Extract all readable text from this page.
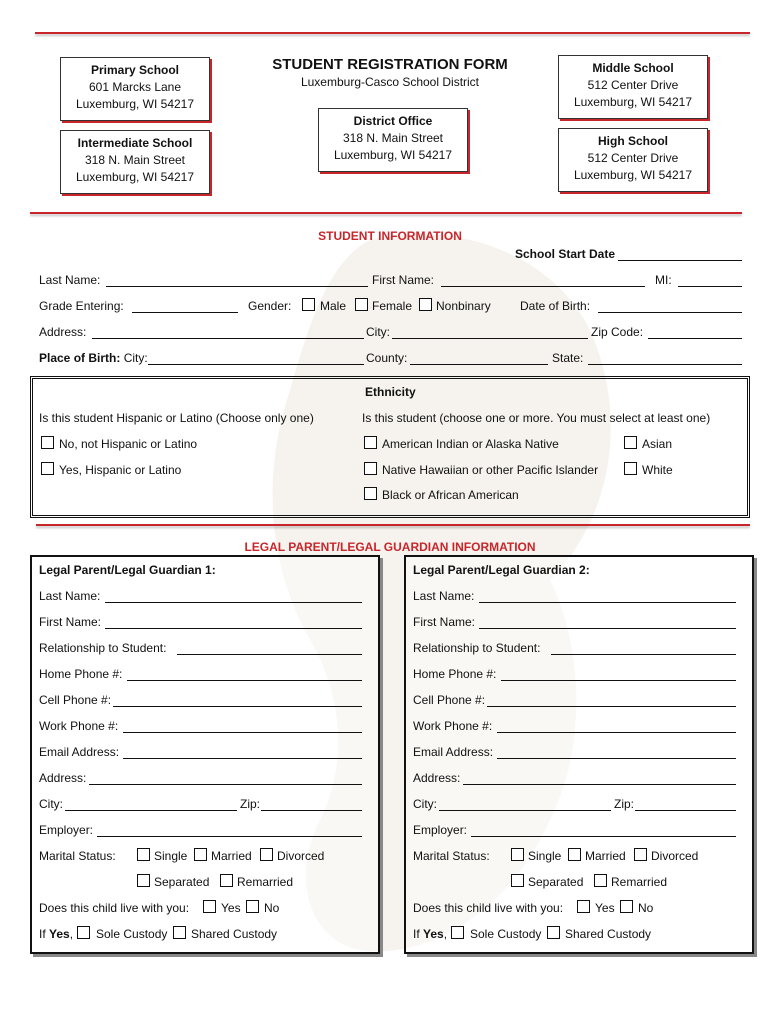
Primary School
601 Marcks Lane
Luxemburg, WI 54217
Intermediate School
318 N. Main Street
Luxemburg, WI 54217
District Office
318 N. Main Street
Luxemburg, WI 54217
Middle School
512 Center Drive
Luxemburg, WI 54217
High School
512 Center Drive
Luxemburg, WI 54217
STUDENT REGISTRATION FORM
Luxemburg-Casco School District
STUDENT INFORMATION
School Start Date
Last Name:	First Name:	MI:
Grade Entering:	Gender: Male Female Nonbinary Date of Birth:
Address:	City:	Zip Code:
Place of Birth: City:	County:	State:
Ethnicity
Is this student Hispanic or Latino (Choose only one)	Is this student (choose one or more. You must select at least one)
No, not Hispanic or Latino
Yes, Hispanic or Latino
American Indian or Alaska Native	Asian
Native Hawaiian or other Pacific Islander	White
Black or African American
LEGAL PARENT/LEGAL GUARDIAN INFORMATION
Legal Parent/Legal Guardian 1:
Last Name:
First Name:
Relationship to Student:
Home Phone #:
Cell Phone #:
Work Phone #:
Email Address:
Address:
City:	Zip:
Employer:
Marital Status:	Single Married Divorced
Separated Remarried
Does this child live with you:	Yes No
If Yes, Sole Custody Shared Custody
Legal Parent/Legal Guardian 2:
Last Name:
First Name:
Relationship to Student:
Home Phone #:
Cell Phone #:
Work Phone #:
Email Address:
Address:
City:	Zip:
Employer:
Marital Status:	Single Married Divorced
Separated Remarried
Does this child live with you:	Yes No
If Yes, Sole Custody Shared Custody
